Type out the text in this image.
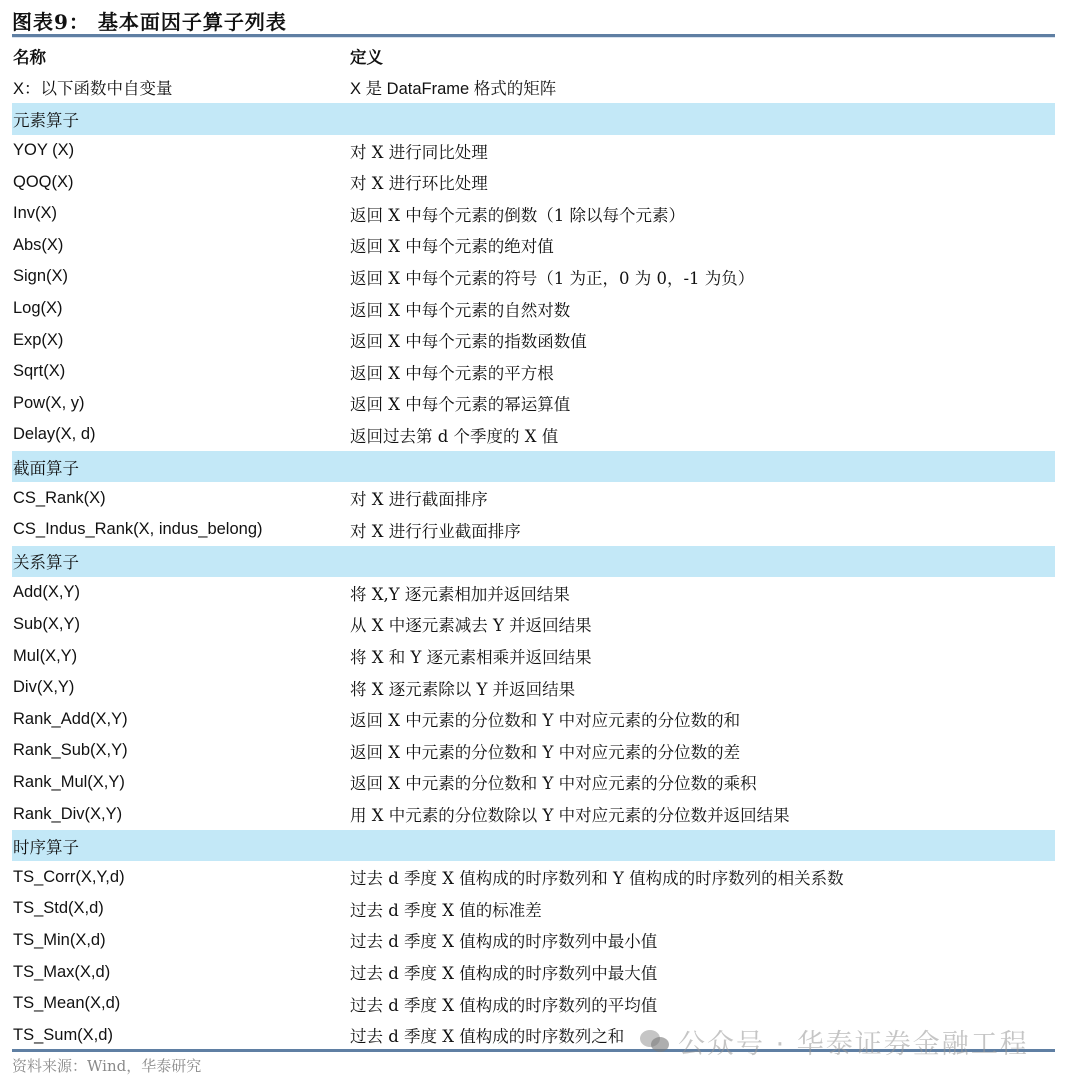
图表9： 基本面因子算子列表
名称	定义
X：以下函数中自变量	X 是 DataFrame 格式的矩阵
元素算子
YOY (X)	对 X 进行同比处理
QOQ(X)	对 X 进行环比处理
Inv(X)	返回 X 中每个元素的倒数（1 除以每个元素）
Abs(X)	返回 X 中每个元素的绝对值
Sign(X)	返回 X 中每个元素的符号（1 为正，0 为 0，-1 为负）
Log(X)	返回 X 中每个元素的自然对数
Exp(X)	返回 X 中每个元素的指数函数值
Sqrt(X)	返回 X 中每个元素的平方根
Pow(X, y)	返回 X 中每个元素的幂运算值
Delay(X, d)	返回过去第 d 个季度的 X 值
截面算子
CS_Rank(X)	对 X 进行截面排序
CS_Indus_Rank(X, indus_belong)	对 X 进行行业截面排序
关系算子
Add(X,Y)	将 X,Y 逐元素相加并返回结果
Sub(X,Y)	从 X 中逐元素减去 Y 并返回结果
Mul(X,Y)	将 X 和 Y 逐元素相乘并返回结果
Div(X,Y)	将 X 逐元素除以 Y 并返回结果
Rank_Add(X,Y)	返回 X 中元素的分位数和 Y 中对应元素的分位数的和
Rank_Sub(X,Y)	返回 X 中元素的分位数和 Y 中对应元素的分位数的差
Rank_Mul(X,Y)	返回 X 中元素的分位数和 Y 中对应元素的分位数的乘积
Rank_Div(X,Y)	用 X 中元素的分位数除以 Y 中对应元素的分位数并返回结果
时序算子
TS_Corr(X,Y,d)	过去 d 季度 X 值构成的时序数列和 Y 值构成的时序数列的相关系数
TS_Std(X,d)	过去 d 季度 X 值的标准差
TS_Min(X,d)	过去 d 季度 X 值构成的时序数列中最小值
TS_Max(X,d)	过去 d 季度 X 值构成的时序数列中最大值
TS_Mean(X,d)	过去 d 季度 X 值构成的时序数列的平均值
TS_Sum(X,d)	过去 d 季度 X 值构成的时序数列之和
资料来源：Wind，华泰研究
公众号 · 华泰证券金融工程
